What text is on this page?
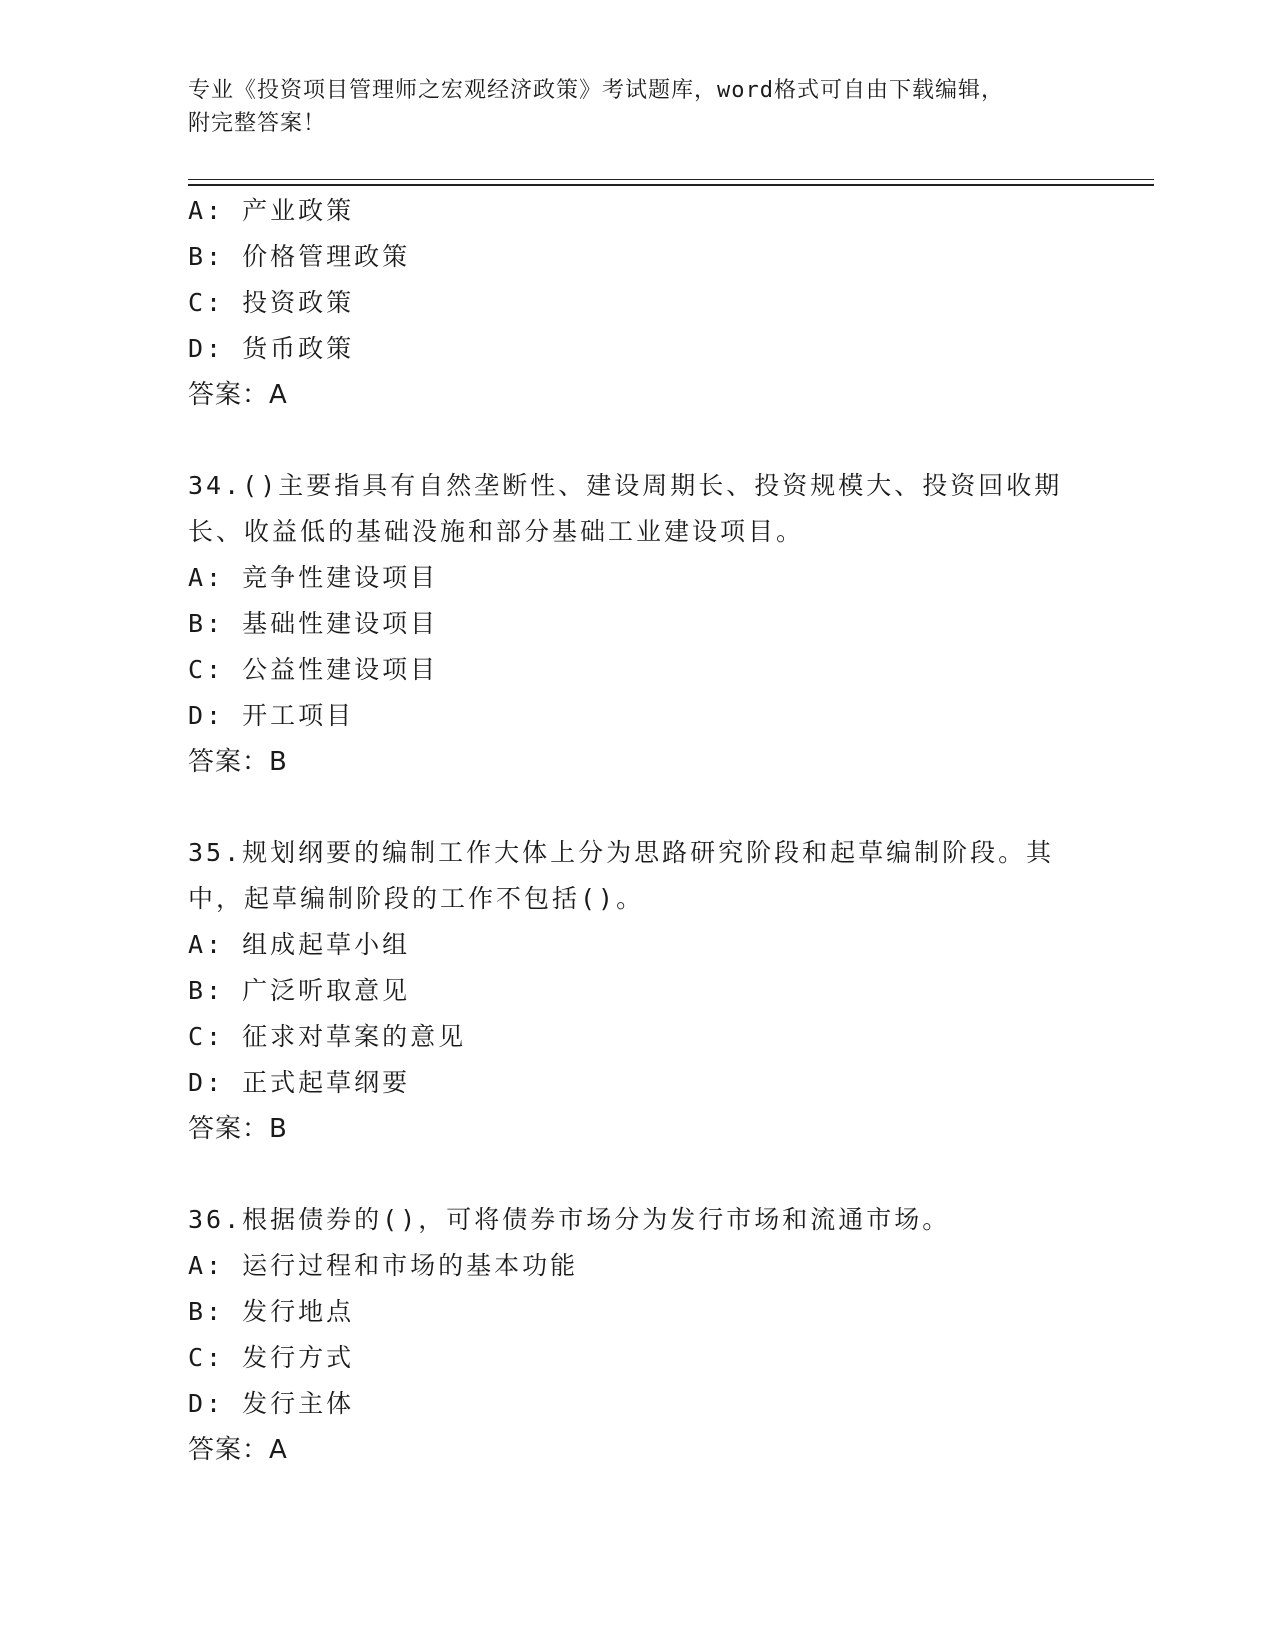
专业《投资项目管理师之宏观经济政策》考试题库，word格式可自由下载编辑，
附完整答案！

A: 产业政策

B: 价格管理政策

C: 投资政策

D: 货币政策

答案：A

34.()主要指具有自然垄断性、建设周期长、投资规模大、投资回收期长、收益低的基础没施和部分基础工业建设项目。

A: 竞争性建设项目

B: 基础性建设项目

C: 公益性建设项目

D: 开工项目

答案：B

35.规划纲要的编制工作大体上分为思路研究阶段和起草编制阶段。其中，起草编制阶段的工作不包括()。

A: 组成起草小组

B: 广泛听取意见

C: 征求对草案的意见

D: 正式起草纲要

答案：B

36.根据债券的()，可将债券市场分为发行市场和流通市场。

A: 运行过程和市场的基本功能

B: 发行地点

C: 发行方式

D: 发行主体

答案：A
